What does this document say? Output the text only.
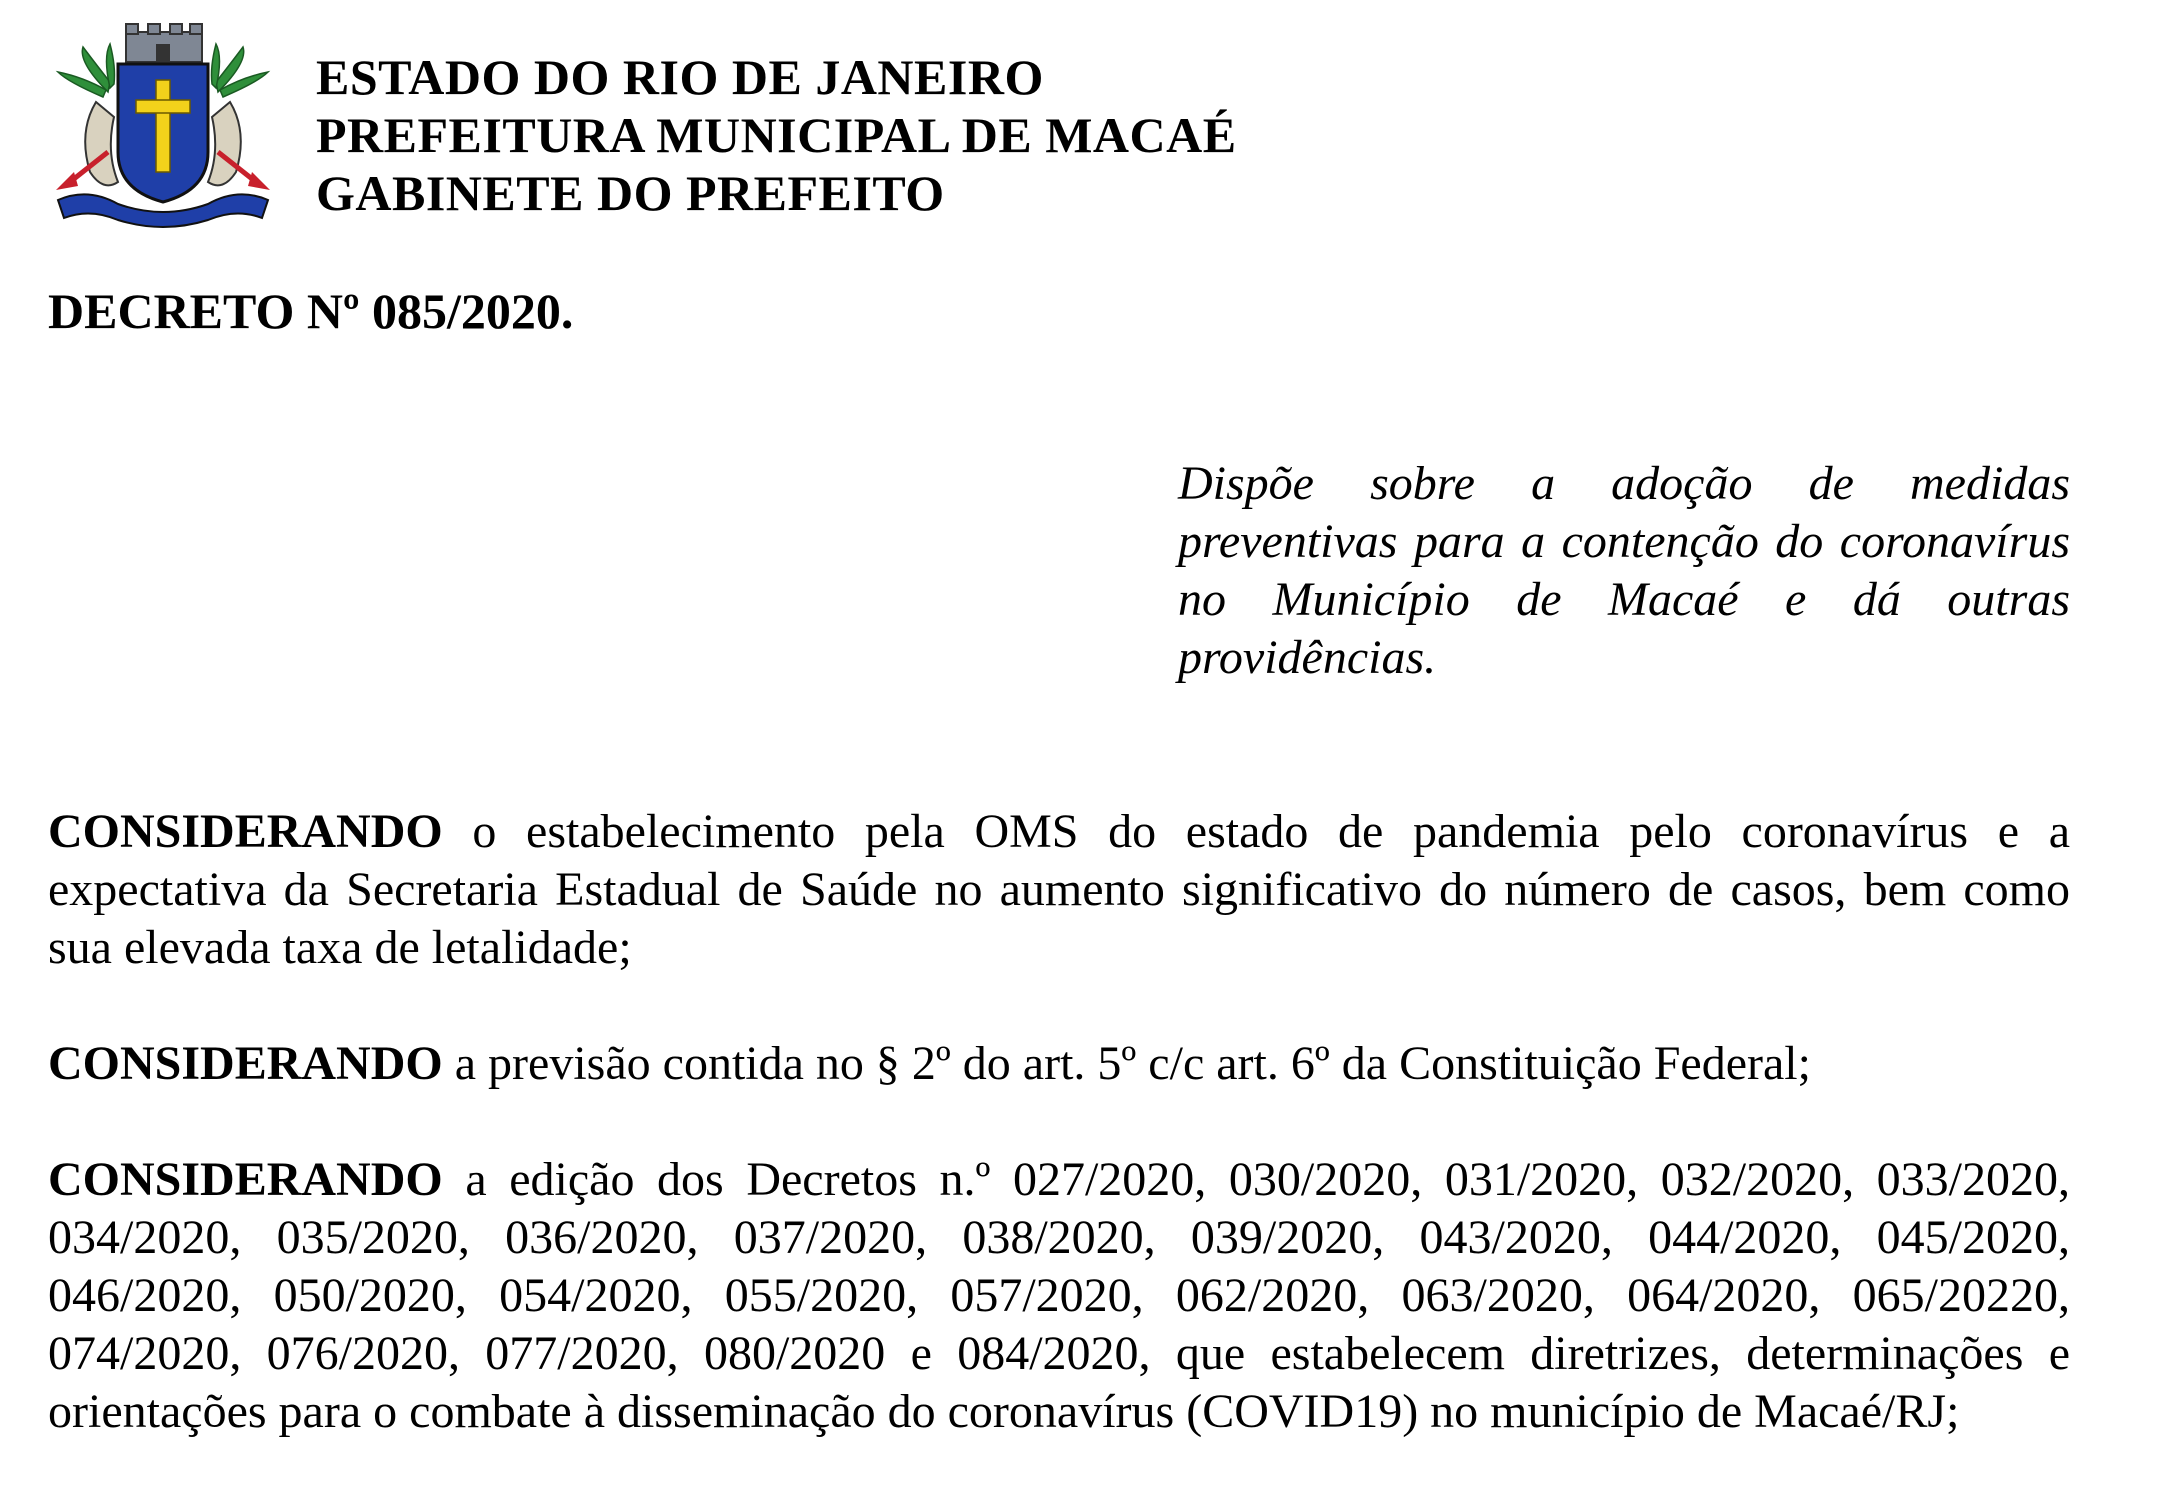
ESTADO DO RIO DE JANEIRO
PREFEITURA MUNICIPAL DE MACAÉ
GABINETE DO PREFEITO
DECRETO Nº 085/2020.
Dispõe sobre a adoção de medidas preventivas para a contenção do coronavírus no Município de Macaé e dá outras providências.

CONSIDERANDO o estabelecimento pela OMS do estado de pandemia pelo coronavírus e a expectativa da Secretaria Estadual de Saúde no aumento significativo do número de casos, bem como sua elevada taxa de letalidade;

CONSIDERANDO a previsão contida no § 2º do art. 5º c/c art. 6º da Constituição Federal;

CONSIDERANDO a edição dos Decretos n.º 027/2020, 030/2020, 031/2020, 032/2020, 033/2020, 034/2020, 035/2020, 036/2020, 037/2020, 038/2020, 039/2020, 043/2020, 044/2020, 045/2020, 046/2020, 050/2020, 054/2020, 055/2020, 057/2020, 062/2020, 063/2020, 064/2020, 065/20220, 074/2020, 076/2020, 077/2020, 080/2020 e 084/2020, que estabelecem diretrizes, determinações e orientações para o combate à disseminação do coronavírus (COVID19) no município de Macaé/RJ;
